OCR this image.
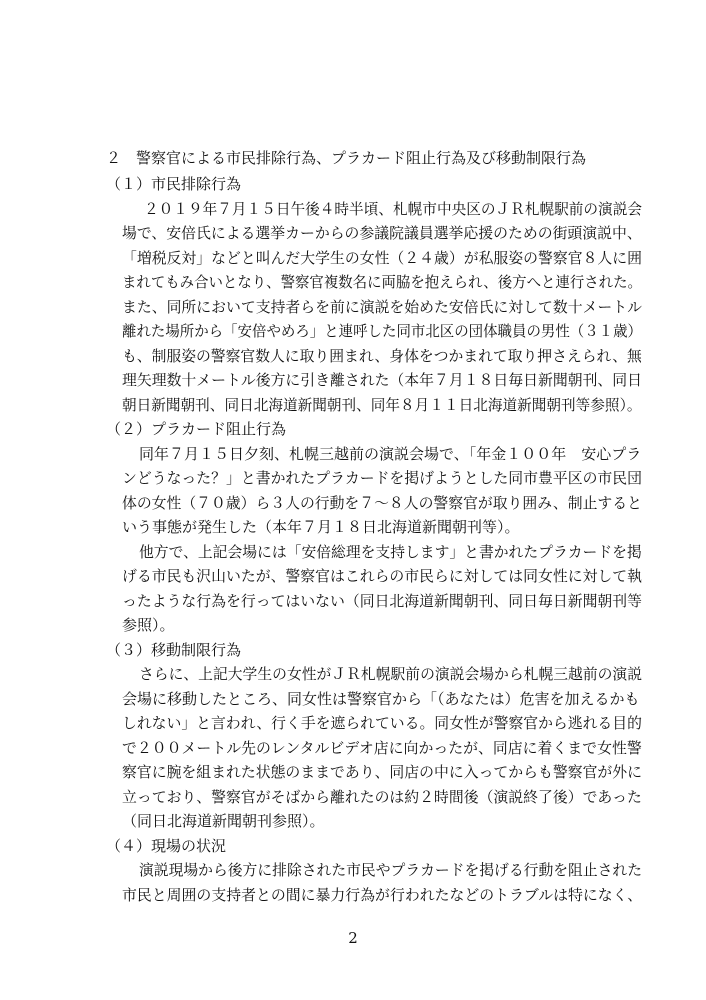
２　警察官による市民排除行為、プラカード阻止行為及び移動制限行為
（１）市民排除行為
２０１９年７月１５日午後４時半頃、札幌市中央区のＪＲ札幌駅前の演説会
場で、安倍氏による選挙カーからの参議院議員選挙応援のための街頭演説中、
「増税反対」などと叫んだ大学生の女性（２４歳）が私服姿の警察官８人に囲
まれてもみ合いとなり、警察官複数名に両脇を抱えられ、後方へと連行された。
また、同所において支持者らを前に演説を始めた安倍氏に対して数十メートル
離れた場所から「安倍やめろ」と連呼した同市北区の団体職員の男性（３１歳）
も、制服姿の警察官数人に取り囲まれ、身体をつかまれて取り押さえられ、無
理矢理数十メートル後方に引き離された（本年７月１８日毎日新聞朝刊、同日
朝日新聞朝刊、同日北海道新聞朝刊、同年８月１１日北海道新聞朝刊等参照）。
（２）プラカード阻止行為
同年７月１５日夕刻、札幌三越前の演説会場で、「年金１００年　安心プラ
ンどうなった？」と書かれたプラカードを掲げようとした同市豊平区の市民団
体の女性（７０歳）ら３人の行動を７～８人の警察官が取り囲み、制止すると
いう事態が発生した（本年７月１８日北海道新聞朝刊等）。
他方で、上記会場には「安倍総理を支持します」と書かれたプラカードを掲
げる市民も沢山いたが、警察官はこれらの市民らに対しては同女性に対して執
ったような行為を行ってはいない（同日北海道新聞朝刊、同日毎日新聞朝刊等
参照）。
（３）移動制限行為
さらに、上記大学生の女性がＪＲ札幌駅前の演説会場から札幌三越前の演説
会場に移動したところ、同女性は警察官から「（あなたは）危害を加えるかも
しれない」と言われ、行く手を遮られている。同女性が警察官から逃れる目的
で２００メートル先のレンタルビデオ店に向かったが、同店に着くまで女性警
察官に腕を組まれた状態のままであり、同店の中に入ってからも警察官が外に
立っており、警察官がそばから離れたのは約２時間後（演説終了後）であった
（同日北海道新聞朝刊参照）。
（４）現場の状況
演説現場から後方に排除された市民やプラカードを掲げる行動を阻止された
市民と周囲の支持者との間に暴力行為が行われたなどのトラブルは特になく、
2
